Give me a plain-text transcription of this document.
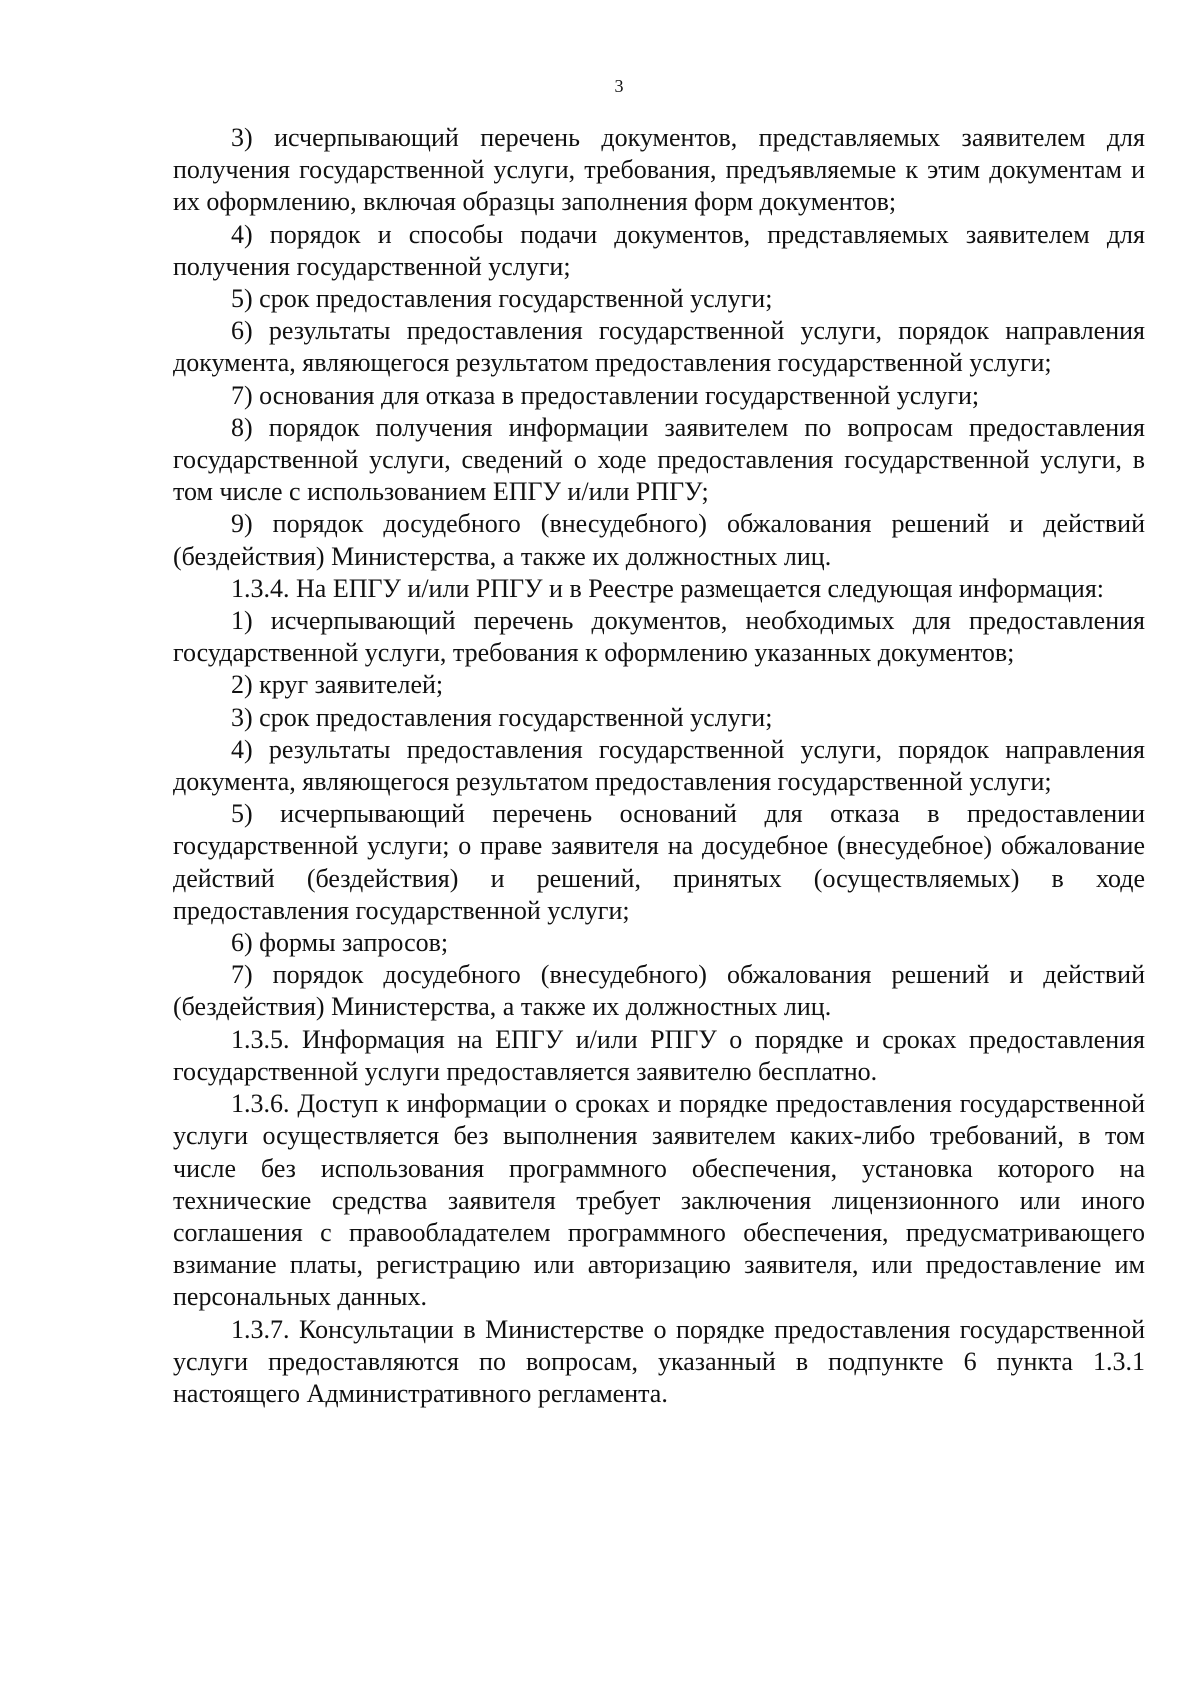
3

3) исчерпывающий перечень документов, представляемых заявителем для получения государственной услуги, требования, предъявляемые к этим документам и их оформлению, включая образцы заполнения форм документов;

4) порядок и способы подачи документов, представляемых заявителем для получения государственной услуги;

5) срок предоставления государственной услуги;

6) результаты предоставления государственной услуги, порядок направления документа, являющегося результатом предоставления государственной услуги;

7) основания для отказа в предоставлении государственной услуги;

8) порядок получения информации заявителем по вопросам предоставления государственной услуги, сведений о ходе предоставления государственной услуги, в том числе с использованием ЕПГУ и/или РПГУ;

9) порядок досудебного (внесудебного) обжалования решений и действий (бездействия) Министерства, а также их должностных лиц.

1.3.4. На ЕПГУ и/или РПГУ и в Реестре размещается следующая информация:

1) исчерпывающий перечень документов, необходимых для предоставления государственной услуги, требования к оформлению указанных документов;

2) круг заявителей;

3) срок предоставления государственной услуги;

4) результаты предоставления государственной услуги, порядок направления документа, являющегося результатом предоставления государственной услуги;

5) исчерпывающий перечень оснований для отказа в предоставлении государственной услуги; о праве заявителя на досудебное (внесудебное) обжалование действий (бездействия) и решений, принятых (осуществляемых) в ходе предоставления государственной услуги;

6) формы запросов;

7) порядок досудебного (внесудебного) обжалования решений и действий (бездействия) Министерства, а также их должностных лиц.

1.3.5. Информация на ЕПГУ и/или РПГУ о порядке и сроках предоставления государственной услуги предоставляется заявителю бесплатно.

1.3.6. Доступ к информации о сроках и порядке предоставления государственной услуги осуществляется без выполнения заявителем каких-либо требований, в том числе без использования программного обеспечения, установка которого на технические средства заявителя требует заключения лицензионного или иного соглашения с правообладателем программного обеспечения, предусматривающего взимание платы, регистрацию или авторизацию заявителя, или предоставление им персональных данных.

1.3.7. Консультации в Министерстве о порядке предоставления государственной услуги предоставляются по вопросам, указанный в подпункте 6 пункта 1.3.1 настоящего Административного регламента.
